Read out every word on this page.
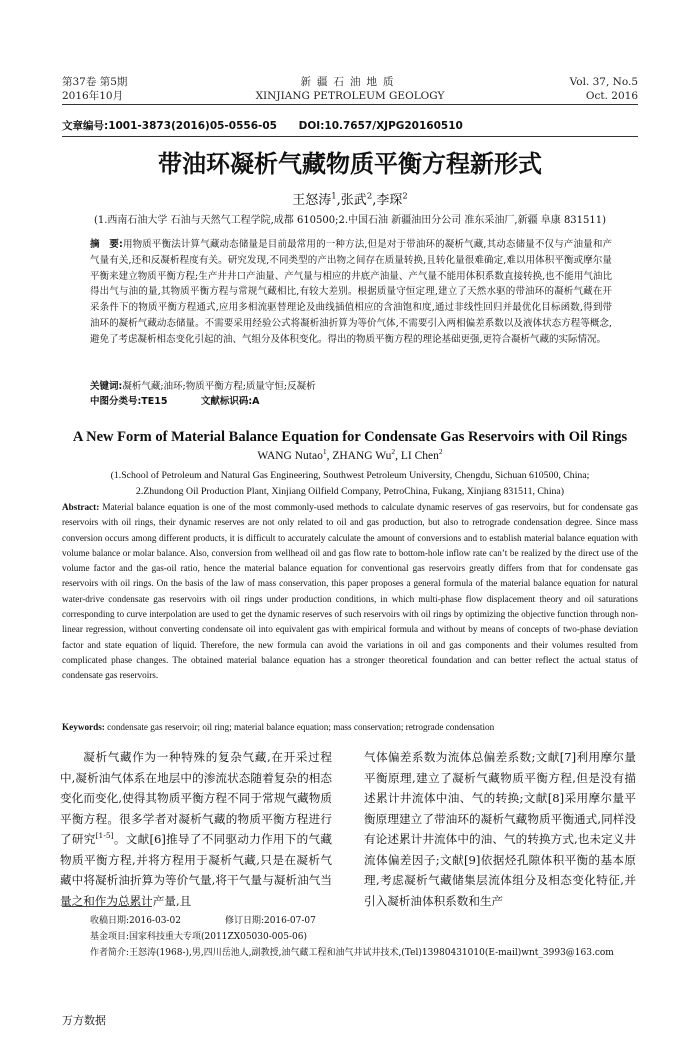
第37卷 第5期
2016年10月
新疆石油地质
XINJIANG PETROLEUM GEOLOGY
Vol. 37, No.5
Oct. 2016
文章编号:1001-3873(2016)05-0556-05 DOI:10.7657/XJPG20160510
带油环凝析气藏物质平衡方程新形式
王怒涛$^1$,张武$^2$,李琛$^2$
(1.西南石油大学 石油与天然气工程学院,成都 610500;2.中国石油 新疆油田分公司 准东采油厂,新疆 阜康 831511)
摘　要:用物质平衡法计算气藏动态储量是目前最常用的一种方法,但是对于带油环的凝析气藏,其动态储量不仅与产油量和产气量有关,还和反凝析程度有关。研究发现,不同类型的产出物之间存在质量转换,且转化量很难确定,难以用体积平衡或摩尔量平衡来建立物质平衡方程;生产井井口产油量、产气量与相应的井底产油量、产气量不能用体积系数直接转换,也不能用气油比得出气与油的量,其物质平衡方程与常规气藏相比,有较大差别。根据质量守恒定理,建立了天然水驱的带油环的凝析气藏在开采条件下的物质平衡方程通式,应用多相流驱替理论及曲线插值相应的含油饱和度,通过非线性回归并最优化目标函数,得到带油环的凝析气藏动态储量。不需要采用经验公式将凝析油折算为等价气体,不需要引入两相偏差系数以及液体状态方程等概念,避免了考虑凝析相态变化引起的油、气组分及体积变化。得出的物质平衡方程的理论基础更强,更符合凝析气藏的实际情况。
关键词:凝析气藏;油环;物质平衡方程;质量守恒;反凝析
中图分类号:TE15	文献标识码:A
A New Form of Material Balance Equation for Condensate Gas Reservoirs with Oil Rings
WANG Nutao$^1$, ZHANG Wu$^2$, LI Chen$^2$
(1.School of Petroleum and Natural Gas Engineering, Southwest Petroleum University, Chengdu, Sichuan 610500, China;
2.Zhundong Oil Production Plant, Xinjiang Oilfield Company, PetroChina, Fukang, Xinjiang 831511, China)
Abstract: Material balance equation is one of the most commonly-used methods to calculate dynamic reserves of gas reservoirs, but for condensate gas reservoirs with oil rings, their dynamic reserves are not only related to oil and gas production, but also to retrograde condensation degree. Since mass conversion occurs among different products, it is difficult to accurately calculate the amount of conversions and to establish material balance equation with volume balance or molar balance. Also, conversion from wellhead oil and gas flow rate to bottom-hole inflow rate can’t be realized by the direct use of the volume factor and the gas-oil ratio, hence the material balance equation for conventional gas reservoirs greatly differs from that for condensate gas reservoirs with oil rings. On the basis of the law of mass conservation, this paper proposes a general formula of the material balance equation for natural water-drive condensate gas reservoirs with oil rings under production conditions, in which multi-phase flow displacement theory and oil saturations corresponding to curve interpolation are used to get the dynamic reserves of such reservoirs with oil rings by optimizing the objective function through non-linear regression, without converting condensate oil into equivalent gas with empirical formula and without by means of concepts of two-phase deviation factor and state equation of liquid. Therefore, the new formula can avoid the variations in oil and gas components and their volumes resulted from complicated phase changes. The obtained material balance equation has a stronger theoretical foundation and can better reflect the actual status of condensate gas reservoirs.
Keywords: condensate gas reservoir; oil ring; material balance equation; mass conservation; retrograde condensation
凝析气藏作为一种特殊的复杂气藏,在开采过程中,凝析油气体系在地层中的渗流状态随着复杂的相态变化而变化,使得其物质平衡方程不同于常规气藏物质平衡方程。很多学者对凝析气藏的物质平衡方程进行了研究[1-5]。文献[6]推导了不同驱动力作用下的气藏物质平衡方程,并将方程用于凝析气藏,只是在凝析气藏中将凝析油折算为等价气量,将干气量与凝析油气当量之和作为总累计产量,且
气体偏差系数为流体总偏差系数;文献[7]利用摩尔量平衡原理,建立了凝析气藏物质平衡方程,但是没有描述累计井流体中油、气的转换;文献[8]采用摩尔量平衡原理建立了带油环的凝析气藏物质平衡通式,同样没有论述累计井流体中的油、气的转换方式,也未定义井流体偏差因子;文献[9]依据烃孔隙体积平衡的基本原理,考虑凝析气藏储集层流体组分及相态变化特征,并引入凝析油体积系数和生产
收稿日期:2016-03-02	修订日期:2016-07-07
基金项目:国家科技重大专项(2011ZX05030-005-06)
作者简介:王怒涛(1968-),男,四川岳池人,副教授,油气藏工程和油气井试井技术,(Tel)13980431010(E-mail)wnt_3993@163.com
万方数据
